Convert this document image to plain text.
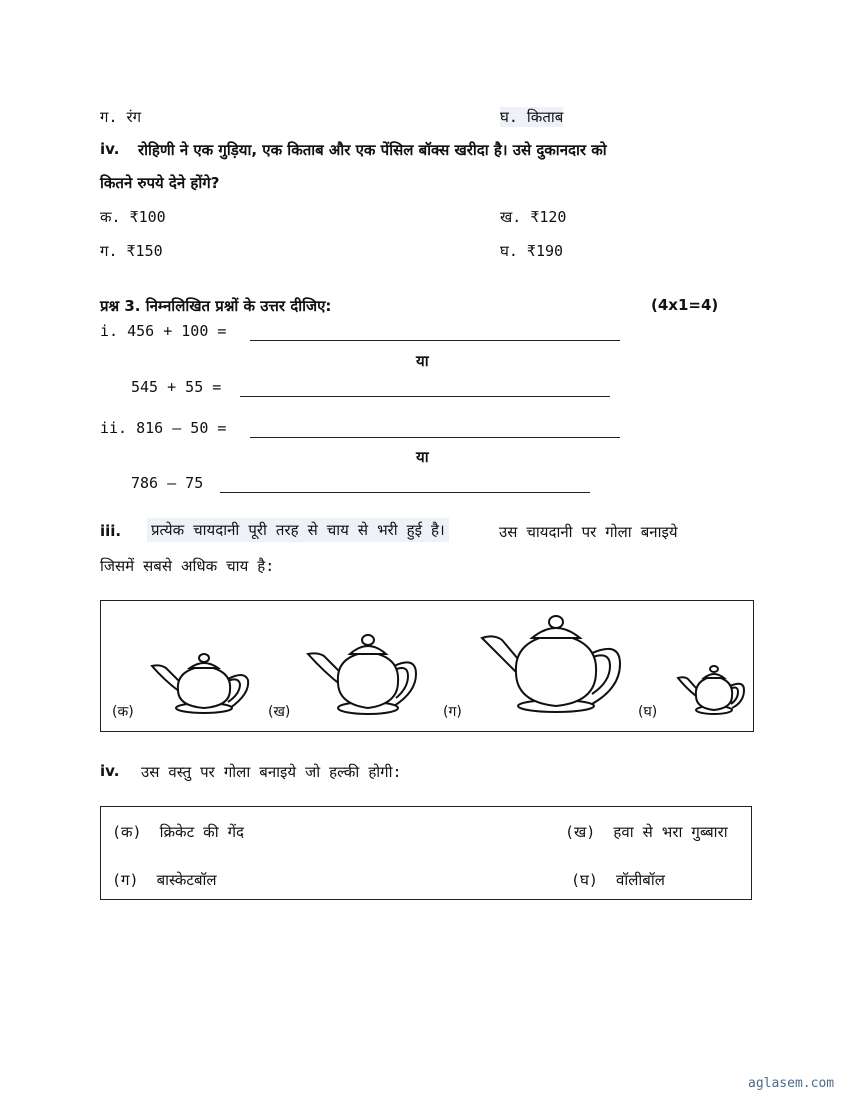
ग. रंग	घ. किताब
iv. रोहिणी ने एक गुड़िया, एक किताब और एक पेंसिल बॉक्स खरीदा है। उसे दुकानदार को
कितने रुपये देने होंगे?
क. ₹100	ख. ₹120
ग. ₹150	घ. ₹190
प्रश्न 3. निम्नलिखित प्रश्नों के उत्तर दीजिए:	(4x1=4)
i. 456 + 100 =
या
545 + 55 =
ii. 816 – 50 =
या
786 – 75
iii. प्रत्येक चायदानी पूरी तरह से चाय से भरी हुई है।	उस चायदानी पर गोला बनाइये
जिसमें सबसे अधिक चाय है:
(क)	(ख)	(ग)	(घ)
iv. उस वस्तु पर गोला बनाइये जो हल्की होगी:
(क) क्रिकेट की गेंद	(ख) हवा से भरा गुब्बारा
(ग) बास्केटबॉल	(घ) वॉलीबॉल
aglasem.com
